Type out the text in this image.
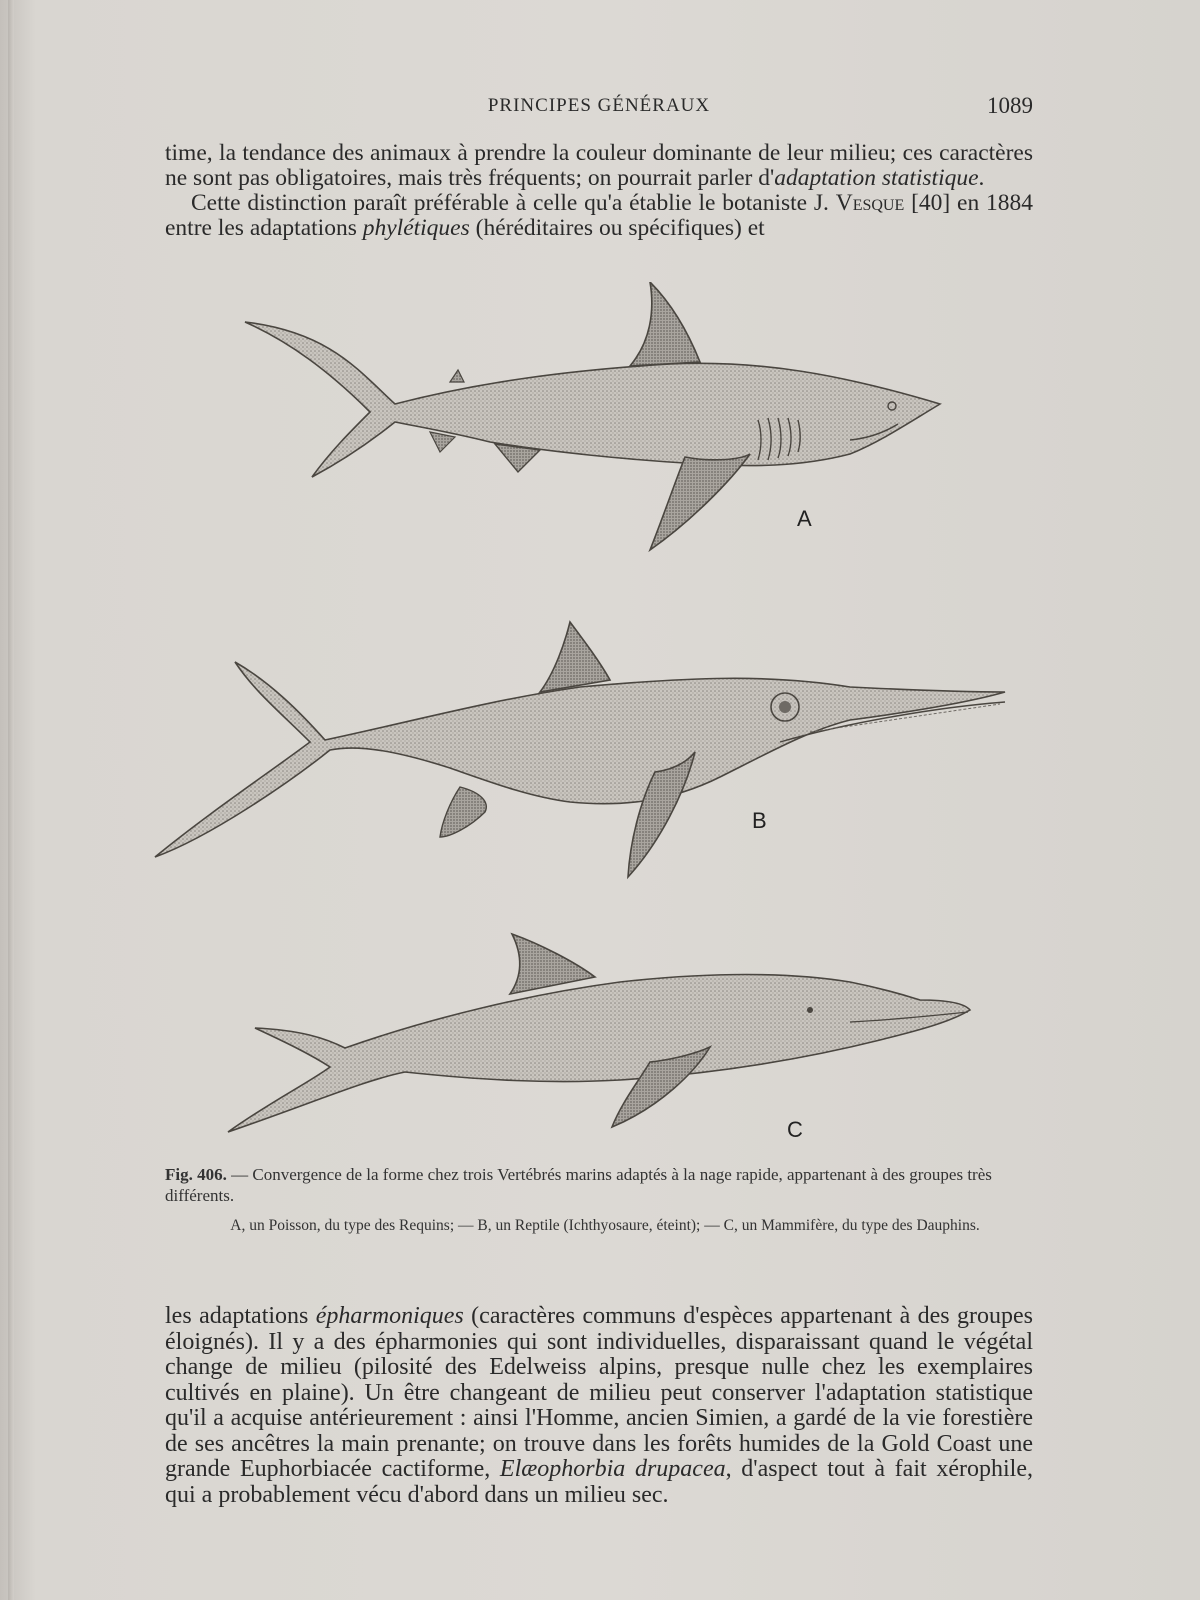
PRINCIPES GÉNÉRAUX	1089

time, la tendance des animaux à prendre la couleur dominante de leur milieu; ces caractères ne sont pas obligatoires, mais très fréquents; on pourrait parler d'adaptation statistique.

Cette distinction paraît préférable à celle qu'a établie le botaniste J. Vesque [40] en 1884 entre les adaptations phylétiques (héréditaires ou spécifiques) et

A
B
C
Fig. 406. — Convergence de la forme chez trois Vertébrés marins adaptés à la nage rapide, appartenant à des groupes très différents.
A, un Poisson, du type des Requins; — B, un Reptile (Ichthyosaure, éteint); — C, un Mammifère, du type des Dauphins.

les adaptations épharmoniques (caractères communs d'espèces appartenant à des groupes éloignés). Il y a des épharmonies qui sont individuelles, disparaissant quand le végétal change de milieu (pilosité des Edelweiss alpins, presque nulle chez les exemplaires cultivés en plaine). Un être changeant de milieu peut conserver l'adaptation statistique qu'il a acquise antérieurement : ainsi l'Homme, ancien Simien, a gardé de la vie forestière de ses ancêtres la main prenante; on trouve dans les forêts humides de la Gold Coast une grande Euphorbiacée cactiforme, Elæophorbia drupacea, d'aspect tout à fait xérophile, qui a probablement vécu d'abord dans un milieu sec.
